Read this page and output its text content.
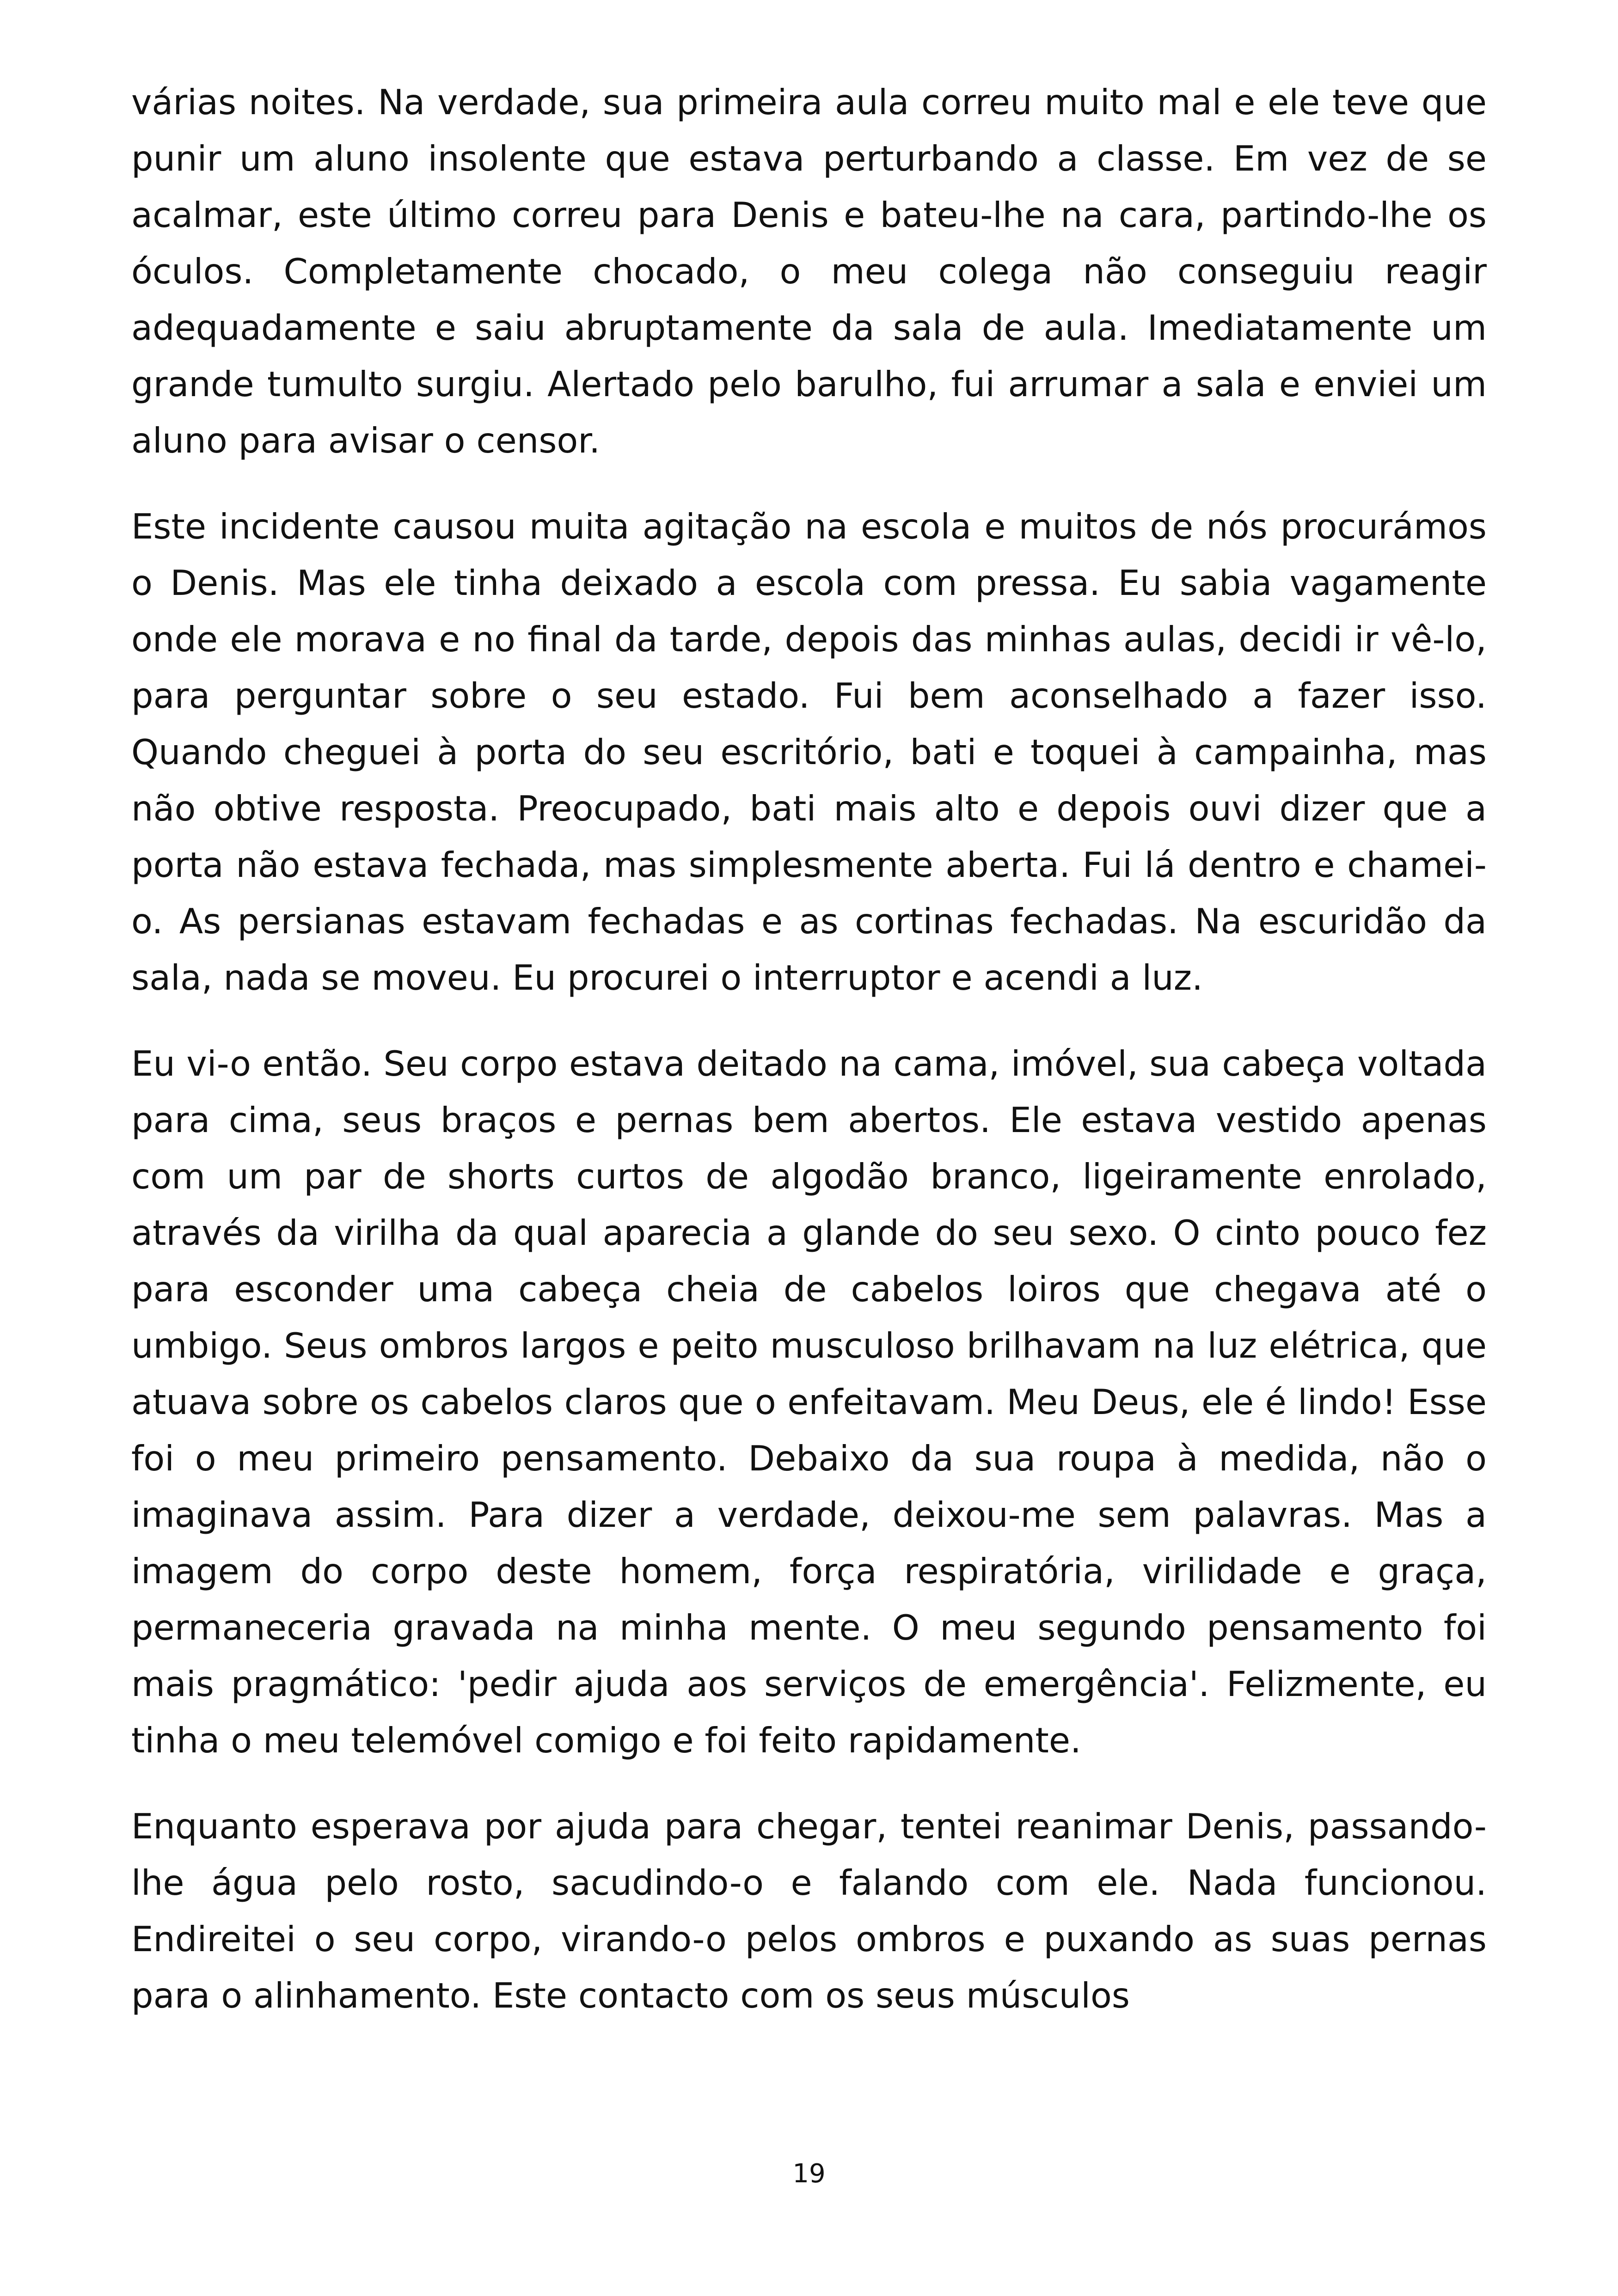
várias noites. Na verdade, sua primeira aula correu muito mal e ele teve que punir um aluno insolente que estava perturbando a classe. Em vez de se acalmar, este último correu para Denis e bateu-lhe na cara, partindo-lhe os óculos. Completamente chocado, o meu colega não conseguiu reagir adequadamente e saiu abruptamente da sala de aula. Imediatamente um grande tumulto surgiu. Alertado pelo barulho, fui arrumar a sala e enviei um aluno para avisar o censor.

Este incidente causou muita agitação na escola e muitos de nós procurámos o Denis. Mas ele tinha deixado a escola com pressa. Eu sabia vagamente onde ele morava e no final da tarde, depois das minhas aulas, decidi ir vê-lo, para perguntar sobre o seu estado. Fui bem aconselhado a fazer isso. Quando cheguei à porta do seu escritório, bati e toquei à campainha, mas não obtive resposta. Preocupado, bati mais alto e depois ouvi dizer que a porta não estava fechada, mas simplesmente aberta. Fui lá dentro e chamei-o. As persianas estavam fechadas e as cortinas fechadas. Na escuridão da sala, nada se moveu. Eu procurei o interruptor e acendi a luz.

Eu vi-o então. Seu corpo estava deitado na cama, imóvel, sua cabeça voltada para cima, seus braços e pernas bem abertos. Ele estava vestido apenas com um par de shorts curtos de algodão branco, ligeiramente enrolado, através da virilha da qual aparecia a glande do seu sexo. O cinto pouco fez para esconder uma cabeça cheia de cabelos loiros que chegava até o umbigo. Seus ombros largos e peito musculoso brilhavam na luz elétrica, que atuava sobre os cabelos claros que o enfeitavam. Meu Deus, ele é lindo! Esse foi o meu primeiro pensamento. Debaixo da sua roupa à medida, não o imaginava assim. Para dizer a verdade, deixou-me sem palavras. Mas a imagem do corpo deste homem, força respiratória, virilidade e graça, permaneceria gravada na minha mente. O meu segundo pensamento foi mais pragmático: 'pedir ajuda aos serviços de emergência'. Felizmente, eu tinha o meu telemóvel comigo e foi feito rapidamente.

Enquanto esperava por ajuda para chegar, tentei reanimar Denis, passando-lhe água pelo rosto, sacudindo-o e falando com ele. Nada funcionou. Endireitei o seu corpo, virando-o pelos ombros e puxando as suas pernas para o alinhamento. Este contacto com os seus músculos

19
